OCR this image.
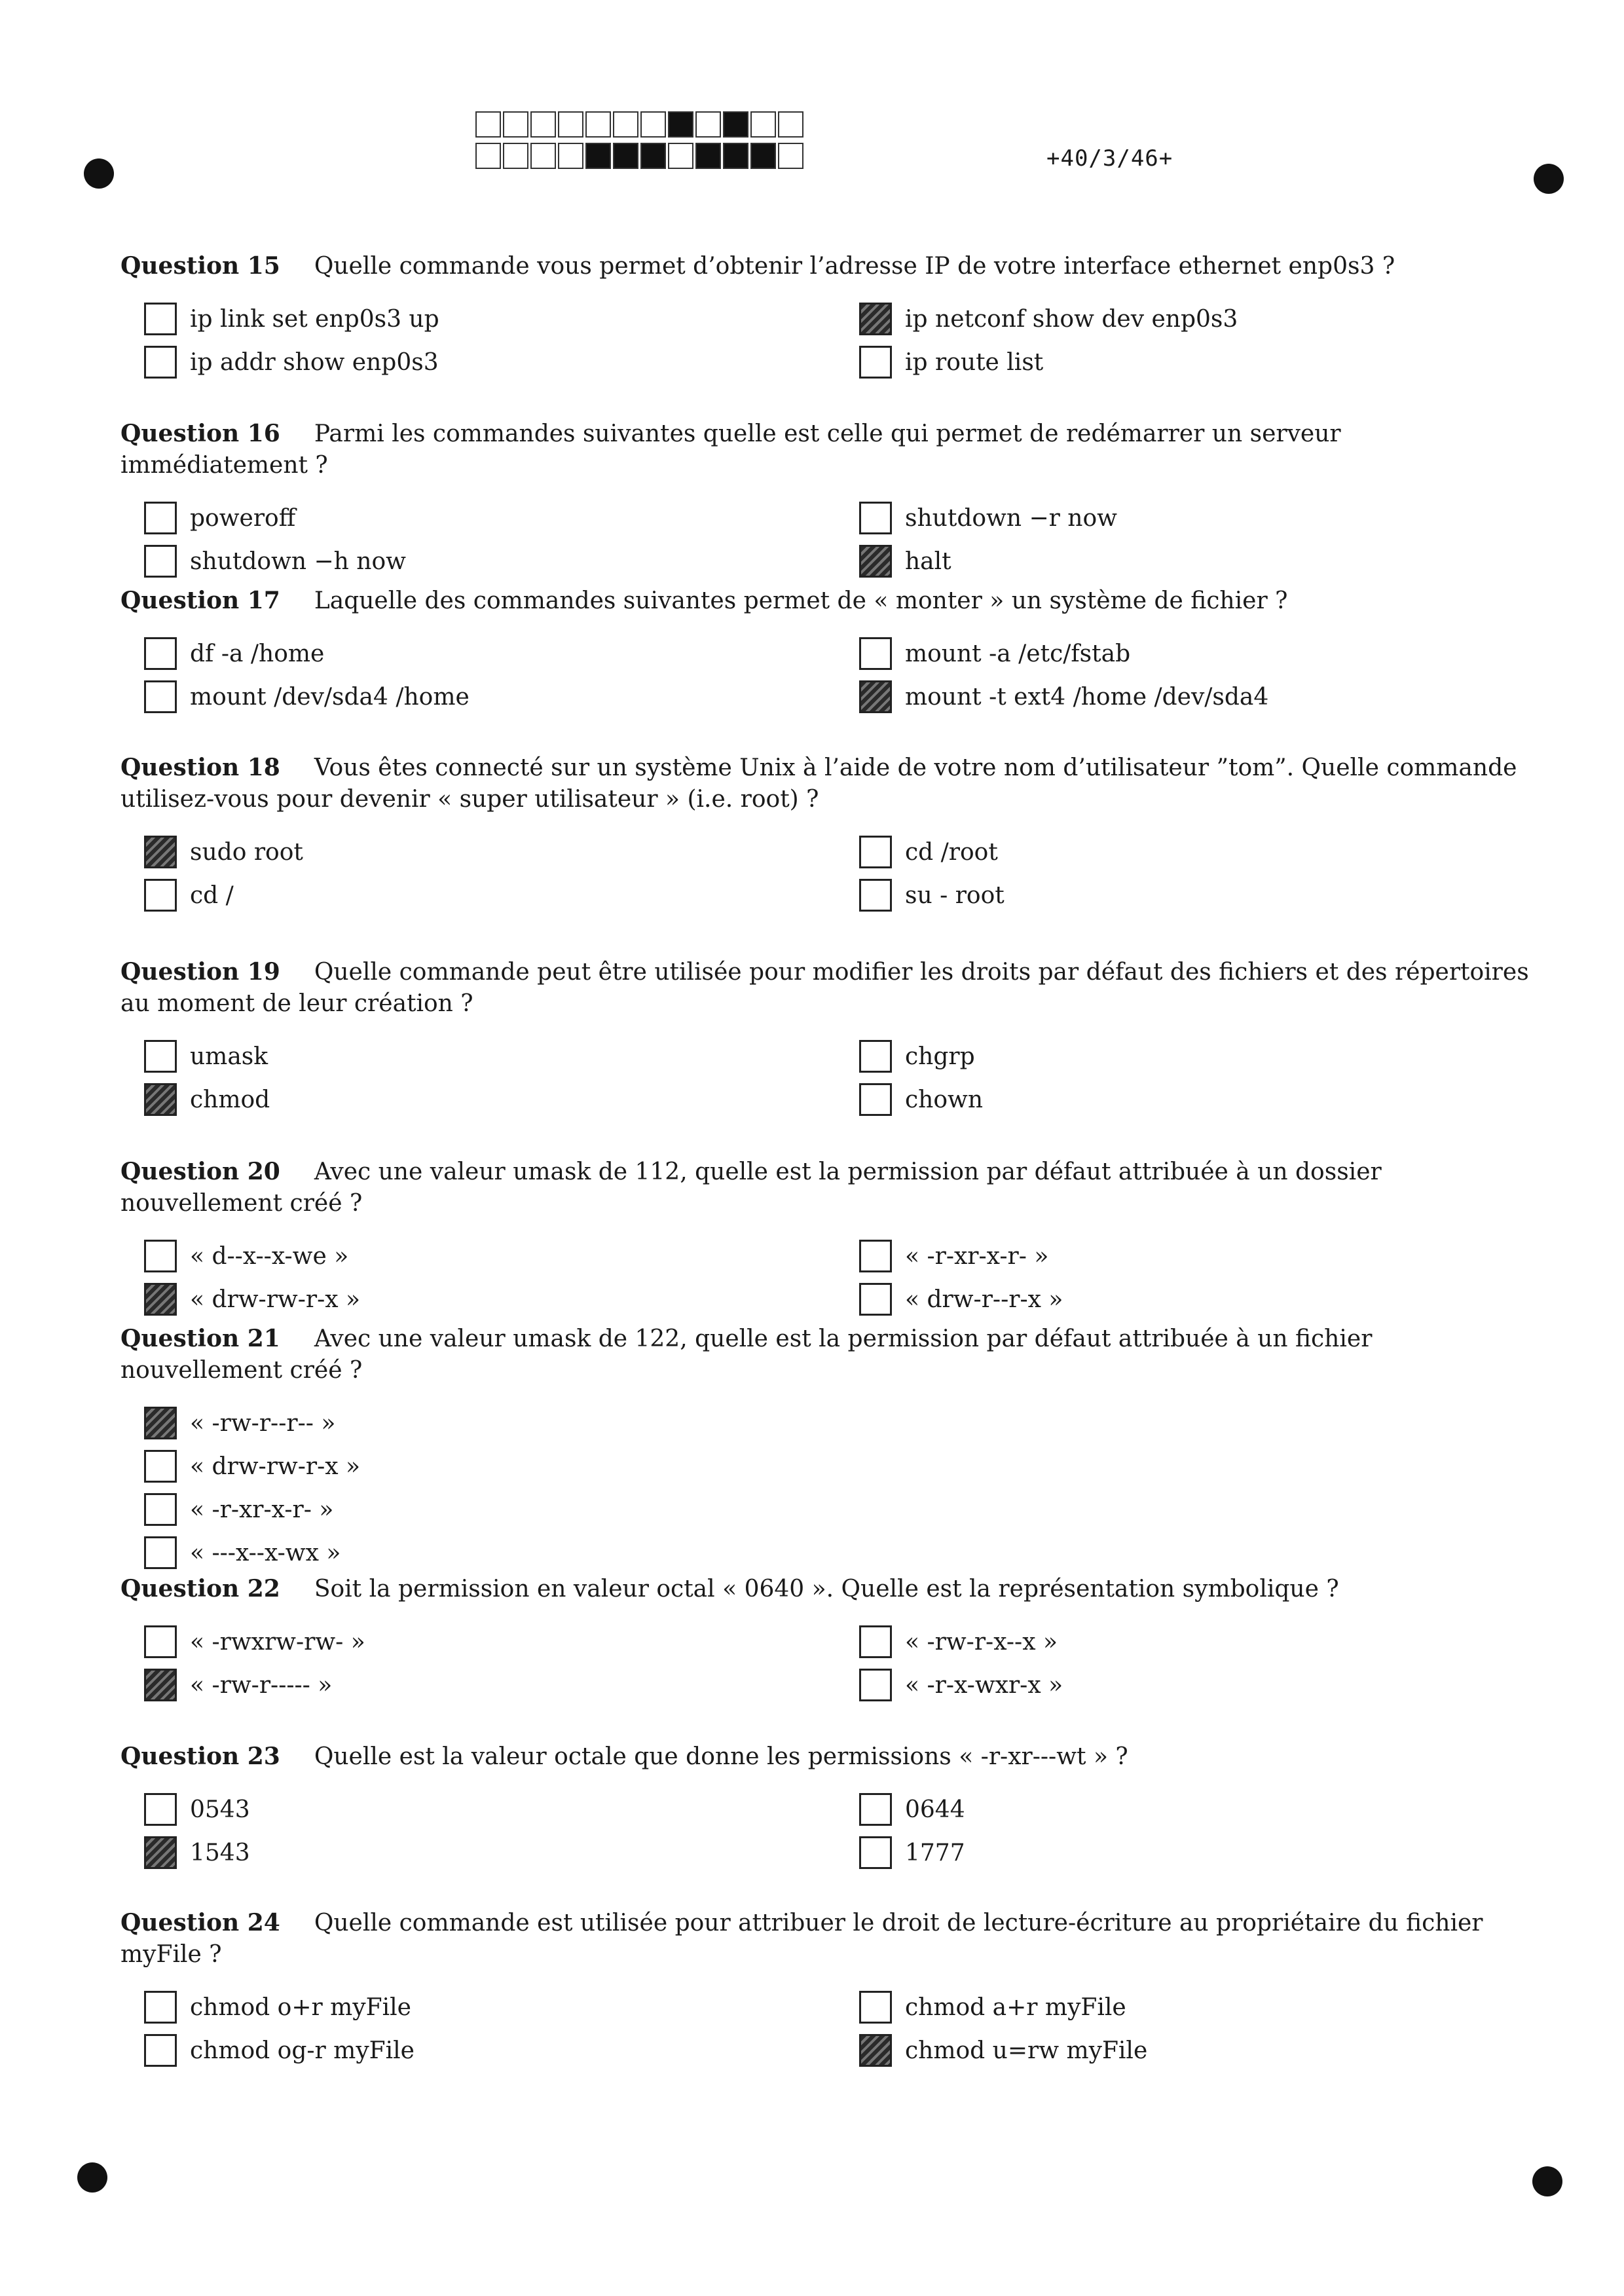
+40/3/46+

Question 15 Quelle commande vous permet d’obtenir l’adresse IP de votre interface ethernet enp0s3 ?

ip link set enp0s3 up
ip addr show enp0s3
ip netconf show dev enp0s3
ip route list

Question 16 Parmi les commandes suivantes quelle est celle qui permet de redémarrer un serveur immédiatement ?

poweroff
shutdown −h now
shutdown −r now
halt

Question 17 Laquelle des commandes suivantes permet de « monter » un système de fichier ?

df -a /home
mount /dev/sda4 /home
mount -a /etc/fstab
mount -t ext4 /home /dev/sda4

Question 18 Vous êtes connecté sur un système Unix à l’aide de votre nom d’utilisateur ”tom”. Quelle commande utilisez-vous pour devenir « super utilisateur » (i.e. root) ?

sudo root
cd /
cd /root
su - root

Question 19 Quelle commande peut être utilisée pour modifier les droits par défaut des fichiers et des répertoires au moment de leur création ?

umask
chmod
chgrp
chown

Question 20 Avec une valeur umask de 112, quelle est la permission par défaut attribuée à un dossier nouvellement créé ?

« d--x--x-we »
« drw-rw-r-x »
« -r-xr-x-r- »
« drw-r--r-x »

Question 21 Avec une valeur umask de 122, quelle est la permission par défaut attribuée à un fichier nouvellement créé ?

« -rw-r--r-- »
« drw-rw-r-x »
« -r-xr-x-r- »
« ---x--x-wx »

Question 22 Soit la permission en valeur octal « 0640 ». Quelle est la représentation symbolique ?

« -rwxrw-rw- »
« -rw-r----- »
« -rw-r-x--x »
« -r-x-wxr-x »

Question 23 Quelle est la valeur octale que donne les permissions « -r-xr---wt » ?

0543
1543
0644
1777

Question 24 Quelle commande est utilisée pour attribuer le droit de lecture-écriture au propriétaire du fichier myFile ?

chmod o+r myFile
chmod og-r myFile
chmod a+r myFile
chmod u=rw myFile
